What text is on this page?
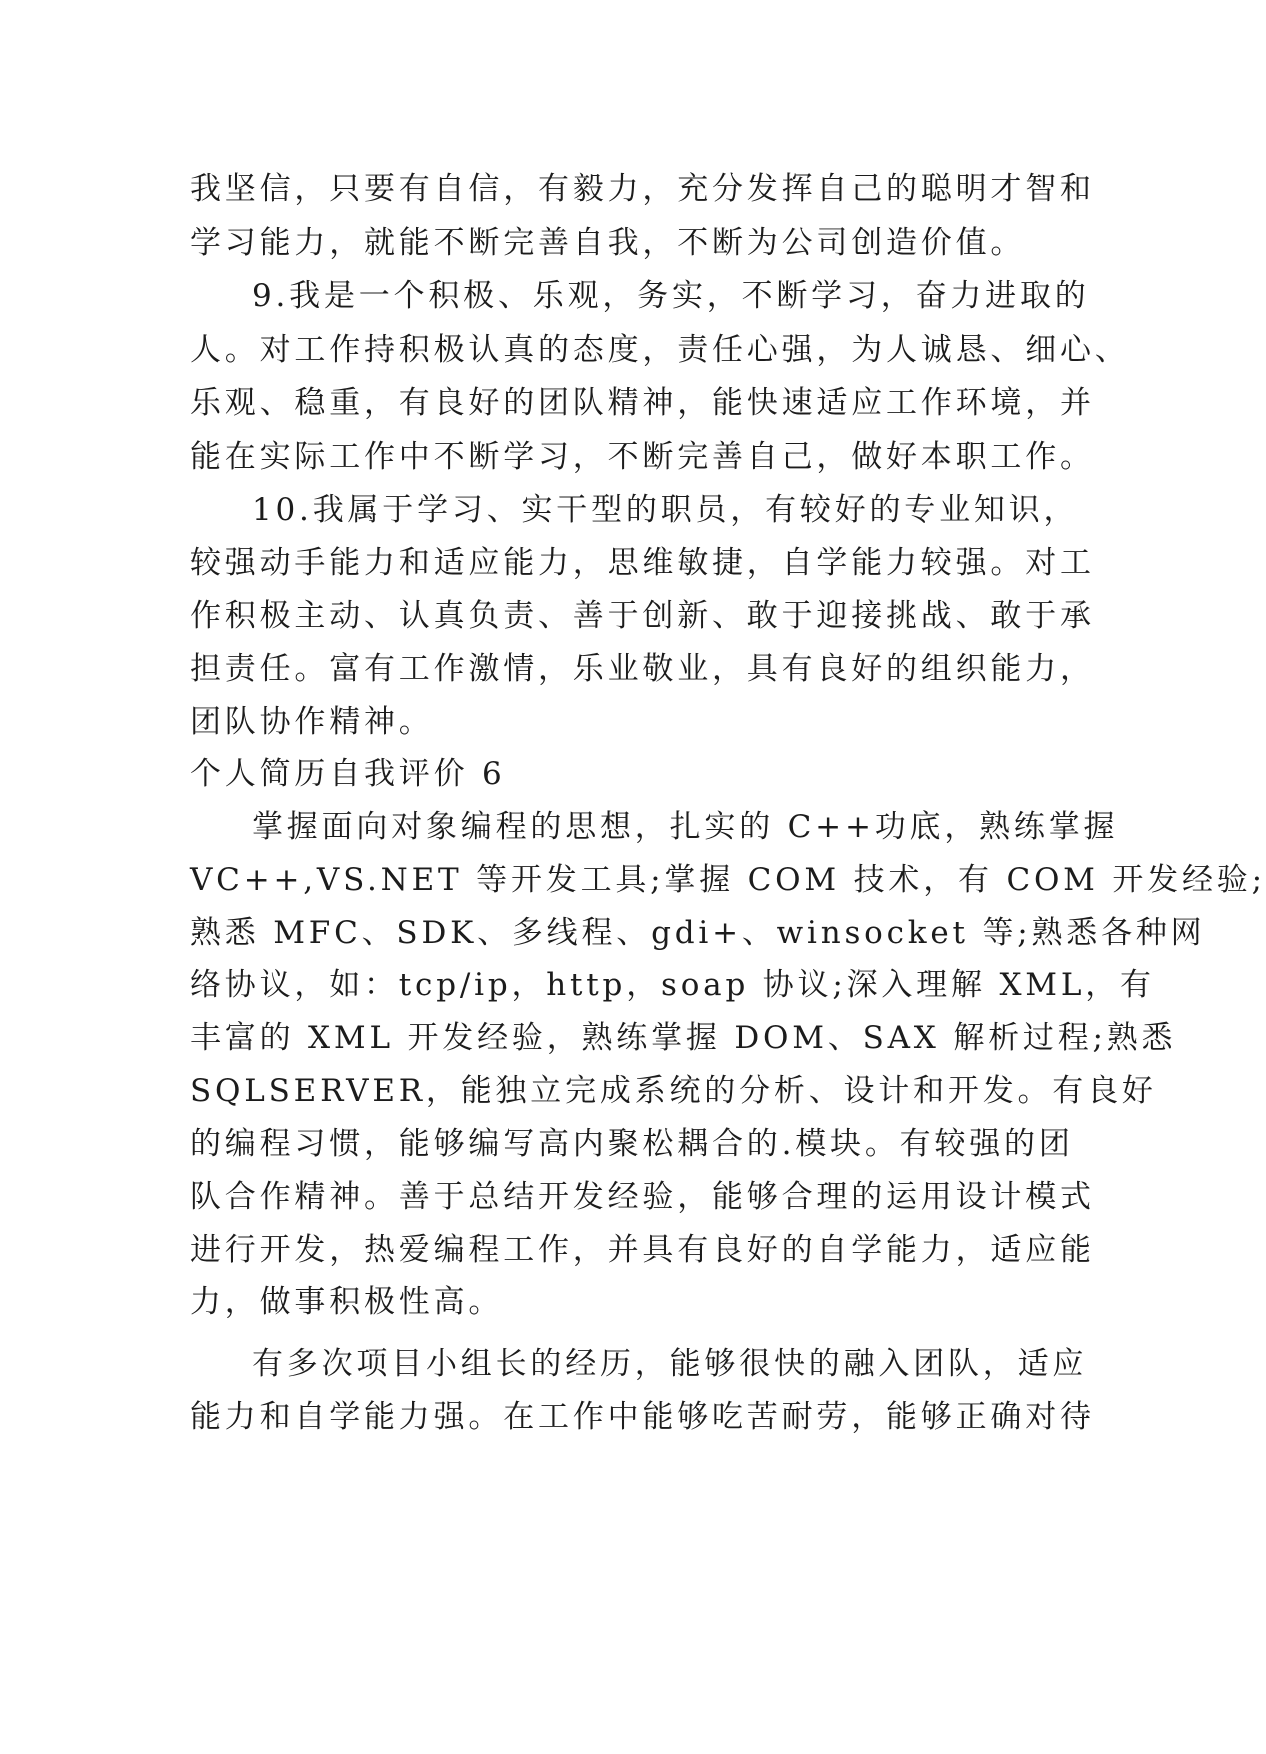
我坚信，只要有自信，有毅力，充分发挥自己的聪明才智和
学习能力，就能不断完善自我，不断为公司创造价值。
9.我是一个积极、乐观，务实，不断学习，奋力进取的
人。对工作持积极认真的态度，责任心强，为人诚恳、细心、
乐观、稳重，有良好的团队精神，能快速适应工作环境，并
能在实际工作中不断学习，不断完善自己，做好本职工作。
10.我属于学习、实干型的职员，有较好的专业知识，
较强动手能力和适应能力，思维敏捷，自学能力较强。对工
作积极主动、认真负责、善于创新、敢于迎接挑战、敢于承
担责任。富有工作激情，乐业敬业，具有良好的组织能力，
团队协作精神。
个人简历自我评价 6
掌握面向对象编程的思想，扎实的 C++功底，熟练掌握
VC++,VS.NET 等开发工具;掌握 COM 技术，有 COM 开发经验;
熟悉 MFC、SDK、多线程、gdi+、winsocket 等;熟悉各种网
络协议，如：tcp/ip，http，soap 协议;深入理解 XML，有
丰富的 XML 开发经验，熟练掌握 DOM、SAX 解析过程;熟悉
SQLSERVER，能独立完成系统的分析、设计和开发。有良好
的编程习惯，能够编写高内聚松耦合的.模块。有较强的团
队合作精神。善于总结开发经验，能够合理的运用设计模式
进行开发，热爱编程工作，并具有良好的自学能力，适应能
力，做事积极性高。
有多次项目小组长的经历，能够很快的融入团队，适应
能力和自学能力强。在工作中能够吃苦耐劳，能够正确对待
